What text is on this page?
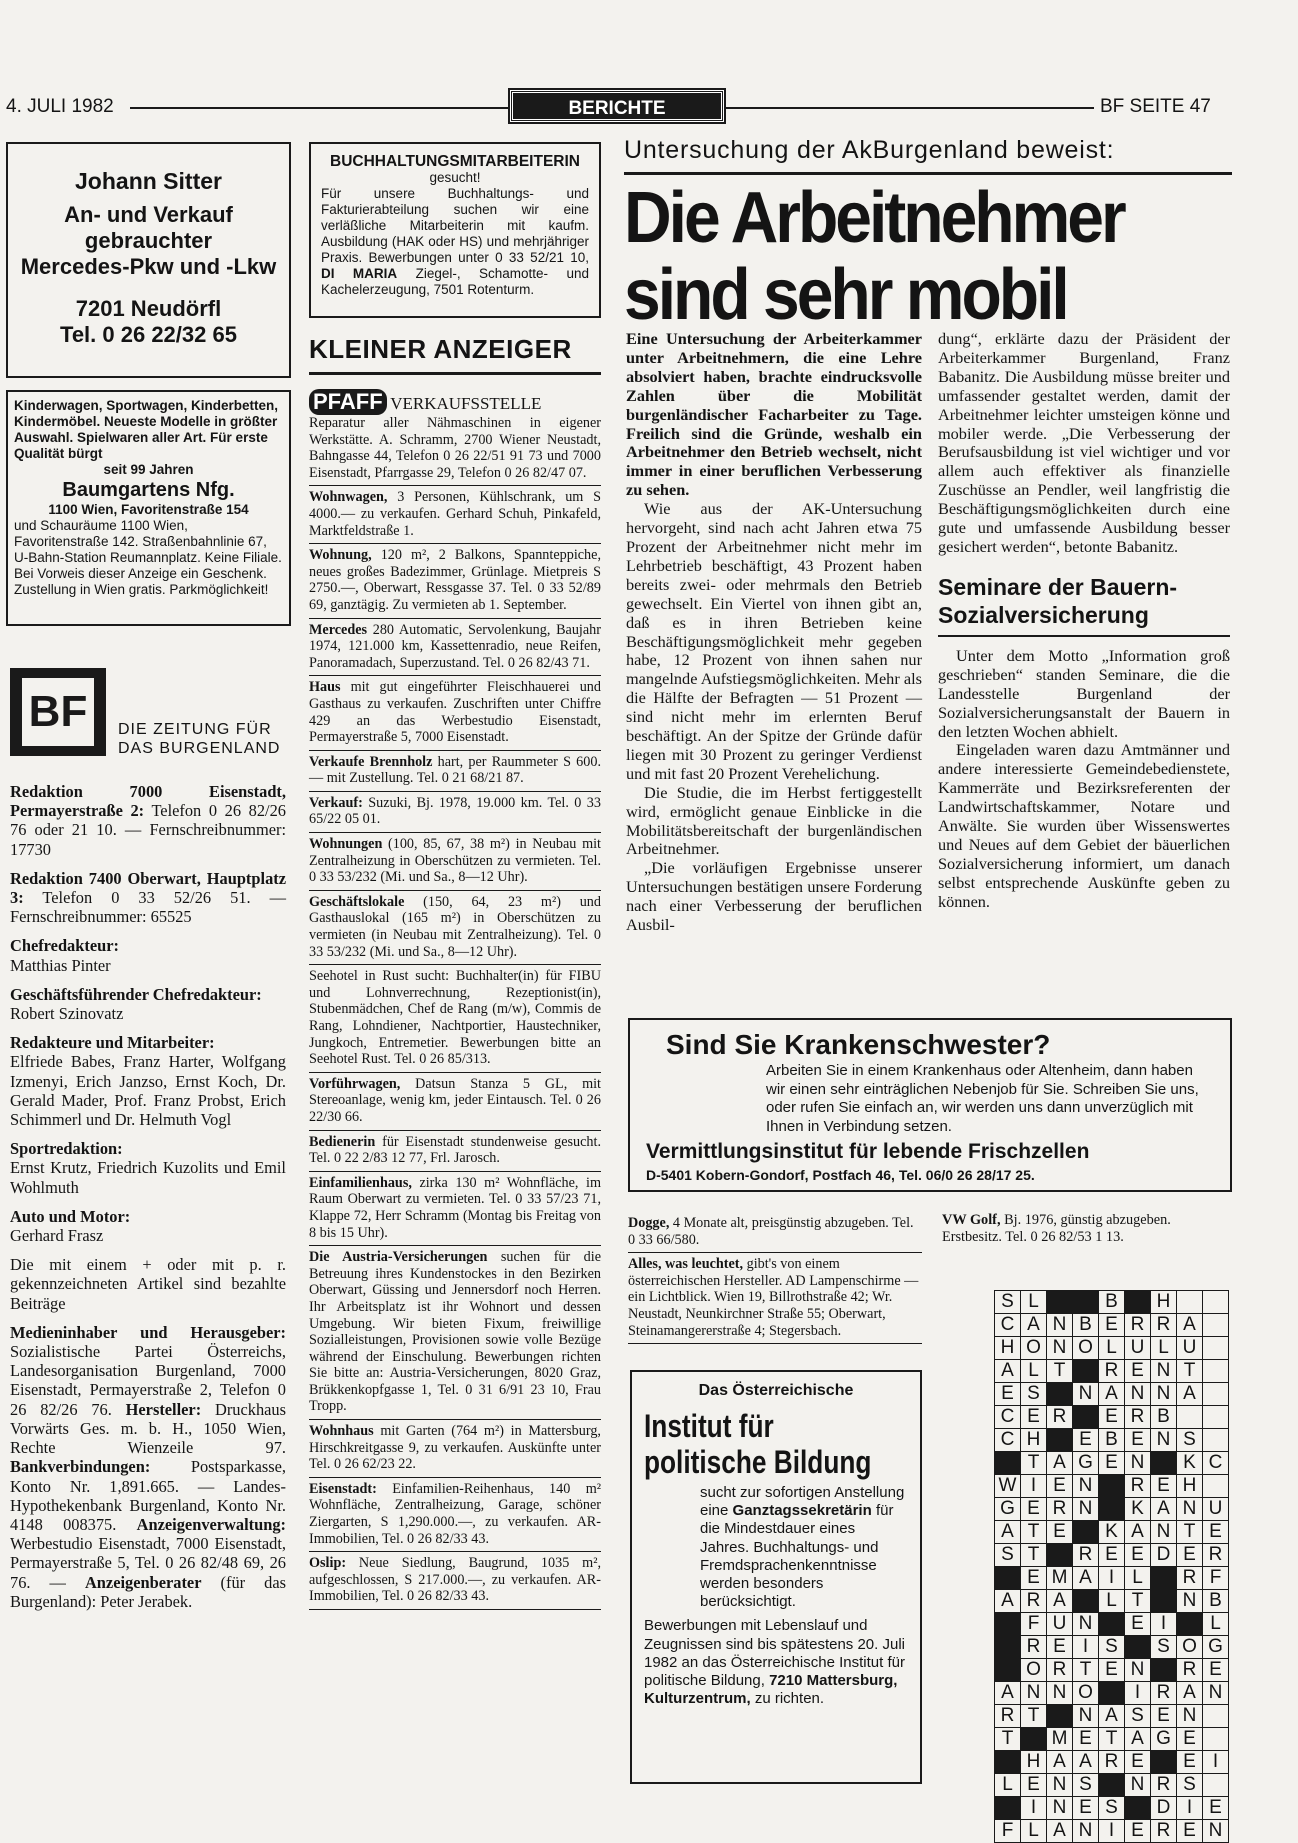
4. JULI 1982	BERICHTE	BF SEITE 47
Johann Sitter
An- und Verkauf
gebrauchter
Mercedes-Pkw und -Lkw
7201 Neudörfl
Tel. 0 26 22/32 65
Kinderwagen, Sportwagen, Kinderbetten, Kindermöbel. Neueste Modelle in größter Auswahl. Spielwaren aller Art. Für erste Qualität bürgt
seit 99 Jahren
Baumgartens Nfg.
1100 Wien, Favoritenstraße 154
und Schauräume 1100 Wien, Favoritenstraße 142. Straßenbahnlinie 67, U-Bahn-Station Reumannplatz. Keine Filiale. Bei Vorweis dieser Anzeige ein Geschenk. Zustellung in Wien gratis. Parkmöglichkeit!
BF	DIE ZEITUNG FÜR
DAS BURGENLAND

Redaktion 7000 Eisenstadt, Permayerstraße 2: Telefon 0 26 82/26 76 oder 21 10. — Fernschreibnummer: 17730

Redaktion 7400 Oberwart, Hauptplatz 3: Telefon 0 33 52/26 51. — Fernschreibnummer: 65525

Chefredakteur:
Matthias Pinter

Geschäftsführender Chefredakteur:
Robert Szinovatz

Redakteure und Mitarbeiter:
Elfriede Babes, Franz Harter, Wolfgang Izmenyi, Erich Janzso, Ernst Koch, Dr. Gerald Mader, Prof. Franz Probst, Erich Schimmerl und Dr. Helmuth Vogl

Sportredaktion:
Ernst Krutz, Friedrich Kuzolits und Emil Wohlmuth

Auto und Motor:
Gerhard Frasz

Die mit einem + oder mit p. r. gekennzeichneten Artikel sind bezahlte Beiträge

Medieninhaber und Herausgeber: Sozialistische Partei Österreichs, Landesorganisation Burgenland, 7000 Eisenstadt, Permayerstraße 2, Telefon 0 26 82/26 76. Hersteller: Druckhaus Vorwärts Ges. m. b. H., 1050 Wien, Rechte Wienzeile 97. Bankverbindungen: Postsparkasse, Konto Nr. 1,891.665. — Landes-Hypothekenbank Burgenland, Konto Nr. 4148 008375. Anzeigenverwaltung: Werbestudio Eisenstadt, 7000 Eisenstadt, Permayerstraße 5, Tel. 0 26 82/48 69, 26 76. — Anzeigenberater (für das Burgenland): Peter Jerabek.

BUCHHALTUNGSMITARBEITERIN
gesucht!
Für unsere Buchhaltungs- und Fakturierabteilung suchen wir eine verläßliche Mitarbeiterin mit kaufm. Ausbildung (HAK oder HS) und mehrjähriger Praxis. Bewerbungen unter 0 33 52/21 10, DI MARIA Ziegel-, Schamotte- und Kachelerzeugung, 7501 Rotenturm.
KLEINER ANZEIGER
PFAFF VERKAUFSSTELLE
Reparatur aller Nähmaschinen in eigener Werkstätte. A. Schramm, 2700 Wiener Neustadt, Bahngasse 44, Telefon 0 26 22/51 91 73 und 7000 Eisenstadt, Pfarrgasse 29, Telefon 0 26 82/47 07.
Wohnwagen, 3 Personen, Kühlschrank, um S 4000.— zu verkaufen. Gerhard Schuh, Pinkafeld, Marktfeldstraße 1.
Wohnung, 120 m², 2 Balkons, Spannteppiche, neues großes Badezimmer, Grünlage. Mietpreis S 2750.—, Oberwart, Ressgasse 37. Tel. 0 33 52/89 69, ganztägig. Zu vermieten ab 1. September.
Mercedes 280 Automatic, Servolenkung, Baujahr 1974, 121.000 km, Kassettenradio, neue Reifen, Panoramadach, Superzustand. Tel. 0 26 82/43 71.
Haus mit gut eingeführter Fleischhauerei und Gasthaus zu verkaufen. Zuschriften unter Chiffre 429 an das Werbestudio Eisenstadt, Permayerstraße 5, 7000 Eisenstadt.
Verkaufe Brennholz hart, per Raummeter S 600.— mit Zustellung. Tel. 0 21 68/21 87.
Verkauf: Suzuki, Bj. 1978, 19.000 km. Tel. 0 33 65/22 05 01.
Wohnungen (100, 85, 67, 38 m²) in Neubau mit Zentralheizung in Oberschützen zu vermieten. Tel. 0 33 53/232 (Mi. und Sa., 8—12 Uhr).
Geschäftslokale (150, 64, 23 m²) und Gasthauslokal (165 m²) in Oberschützen zu vermieten (in Neubau mit Zentralheizung). Tel. 0 33 53/232 (Mi. und Sa., 8—12 Uhr).
Seehotel in Rust sucht: Buchhalter(in) für FIBU und Lohnverrechnung, Rezeptionist(in), Stubenmädchen, Chef de Rang (m/w), Commis de Rang, Lohndiener, Nachtportier, Haustechniker, Jungkoch, Entremetier. Bewerbungen bitte an Seehotel Rust. Tel. 0 26 85/313.
Vorführwagen, Datsun Stanza 5 GL, mit Stereoanlage, wenig km, jeder Eintausch. Tel. 0 26 22/30 66.
Bedienerin für Eisenstadt stundenweise gesucht. Tel. 0 22 2/83 12 77, Frl. Jarosch.
Einfamilienhaus, zirka 130 m² Wohnfläche, im Raum Oberwart zu vermieten. Tel. 0 33 57/23 71, Klappe 72, Herr Schramm (Montag bis Freitag von 8 bis 15 Uhr).
Die Austria-Versicherungen suchen für die Betreuung ihres Kundenstockes in den Bezirken Oberwart, Güssing und Jennersdorf noch Herren. Ihr Arbeitsplatz ist ihr Wohnort und dessen Umgebung. Wir bieten Fixum, freiwillige Sozialleistungen, Provisionen sowie volle Bezüge während der Einschulung. Bewerbungen richten Sie bitte an: Austria-Versicherungen, 8020 Graz, Brükkenkopfgasse 1, Tel. 0 31 6/91 23 10, Frau Tropp.
Wohnhaus mit Garten (764 m²) in Mattersburg, Hirschkreitgasse 9, zu verkaufen. Auskünfte unter Tel. 0 26 62/23 22.
Eisenstadt: Einfamilien-Reihenhaus, 140 m² Wohnfläche, Zentralheizung, Garage, schöner Ziergarten, S 1,290.000.—, zu verkaufen. AR-Immobilien, Tel. 0 26 82/33 43.
Oslip: Neue Siedlung, Baugrund, 1035 m², aufgeschlossen, S 217.000.—, zu verkaufen. AR-Immobilien, Tel. 0 26 82/33 43.
Untersuchung der AkBurgenland beweist:
Die Arbeitnehmer
sind sehr mobil

Eine Untersuchung der Arbeiterkammer unter Arbeitnehmern, die eine Lehre absolviert haben, brachte eindrucksvolle Zahlen über die Mobilität burgenländischer Facharbeiter zu Tage. Freilich sind die Gründe, weshalb ein Arbeitnehmer den Betrieb wechselt, nicht immer in einer beruflichen Verbesserung zu sehen.

Wie aus der AK-Untersuchung hervorgeht, sind nach acht Jahren etwa 75 Prozent der Arbeitnehmer nicht mehr im Lehrbetrieb beschäftigt, 43 Prozent haben bereits zwei- oder mehrmals den Betrieb gewechselt. Ein Viertel von ihnen gibt an, daß es in ihren Betrieben keine Beschäftigungsmöglichkeit mehr gegeben habe, 12 Prozent von ihnen sahen nur mangelnde Aufstiegsmöglichkeiten. Mehr als die Hälfte der Befragten — 51 Prozent — sind nicht mehr im erlernten Beruf beschäftigt. An der Spitze der Gründe dafür liegen mit 30 Prozent zu geringer Verdienst und mit fast 20 Prozent Verehelichung.

Die Studie, die im Herbst fertiggestellt wird, ermöglicht genaue Einblicke in die Mobilitätsbereitschaft der burgenländischen Arbeitnehmer.

„Die vorläufigen Ergebnisse unserer Untersuchungen bestätigen unsere Forderung nach einer Verbesserung der beruflichen Ausbil-

dung“, erklärte dazu der Präsident der Arbeiterkammer Burgenland, Franz Babanitz. Die Ausbildung müsse breiter und umfassender gestaltet werden, damit der Arbeitnehmer leichter umsteigen könne und mobiler werde. „Die Verbesserung der Berufsausbildung ist viel wichtiger und vor allem auch effektiver als finanzielle Zuschüsse an Pendler, weil langfristig die Beschäftigungsmöglichkeiten durch eine gute und umfassende Ausbildung besser gesichert werden“, betonte Babanitz.

Seminare der Bauern-Sozialversicherung

Unter dem Motto „Information groß geschrieben“ standen Seminare, die die Landesstelle Burgenland der Sozialversicherungsanstalt der Bauern in den letzten Wochen abhielt.

Eingeladen waren dazu Amtmänner und andere interessierte Gemeindebedienstete, Kammerräte und Bezirksreferenten der Landwirtschaftskammer, Notare und Anwälte. Sie wurden über Wissenswertes und Neues auf dem Gebiet der bäuerlichen Sozialversicherung informiert, um danach selbst entsprechende Auskünfte geben zu können.

Sind Sie Krankenschwester?
Arbeiten Sie in einem Krankenhaus oder Altenheim, dann haben wir einen sehr einträglichen Nebenjob für Sie. Schreiben Sie uns, oder rufen Sie einfach an, wir werden uns dann unverzüglich mit Ihnen in Verbindung setzen.
Vermittlungsinstitut für lebende Frischzellen
D-5401 Kobern-Gondorf, Postfach 46, Tel. 06/0 26 28/17 25.
Dogge, 4 Monate alt, preisgünstig abzugeben. Tel. 0 33 66/580.
Alles, was leuchtet, gibt's von einem österreichischen Hersteller. AD Lampenschirme — ein Lichtblick. Wien 19, Billrothstraße 42; Wr. Neustadt, Neunkirchner Straße 55; Oberwart, Steinamangererstraße 4; Stegersbach.
VW Golf, Bj. 1976, günstig abzugeben. Erstbesitz. Tel. 0 26 82/53 1 13.
Das Österreichische
Institut für
politische Bildung
sucht zur sofortigen Anstellung eine Ganztagssekretärin für die Mindestdauer eines Jahres. Buchhaltungs- und Fremdsprachenkenntnisse werden besonders berücksichtigt.
Bewerbungen mit Lebenslauf und Zeugnissen sind bis spätestens 20. Juli 1982 an das Österreichische Institut für politische Bildung, 7210 Mattersburg, Kulturzentrum, zu richten.
S	L			B		H		
C	A	N	B	E	R	R	A	
H	O	N	O	L	U	L	U	
A	L	T		R	E	N	T	
E	S		N	A	N	N	A	
C	E	R		E	R	B		
C	H		E	B	E	N	S	
	T	A	G	E	N		K	C
W	I	E	N		R	E	H	
G	E	R	N		K	A	N	U
A	T	E		K	A	N	T	E
S	T		R	E	E	D	E	R
	E	M	A	I	L		R	F
A	R	A		L	T		N	B
	F	U	N		E	I		L
	R	E	I	S		S	O	G
	O	R	T	E	N		R	E
A	N	N	O		I	R	A	N
R	T		N	A	S	E	N	
T		M	E	T	A	G	E	
	H	A	A	R	E		E	I
L	E	N	S		N	R	S	
	I	N	E	S		D	I	E
F	L	A	N	I	E	R	E	N
